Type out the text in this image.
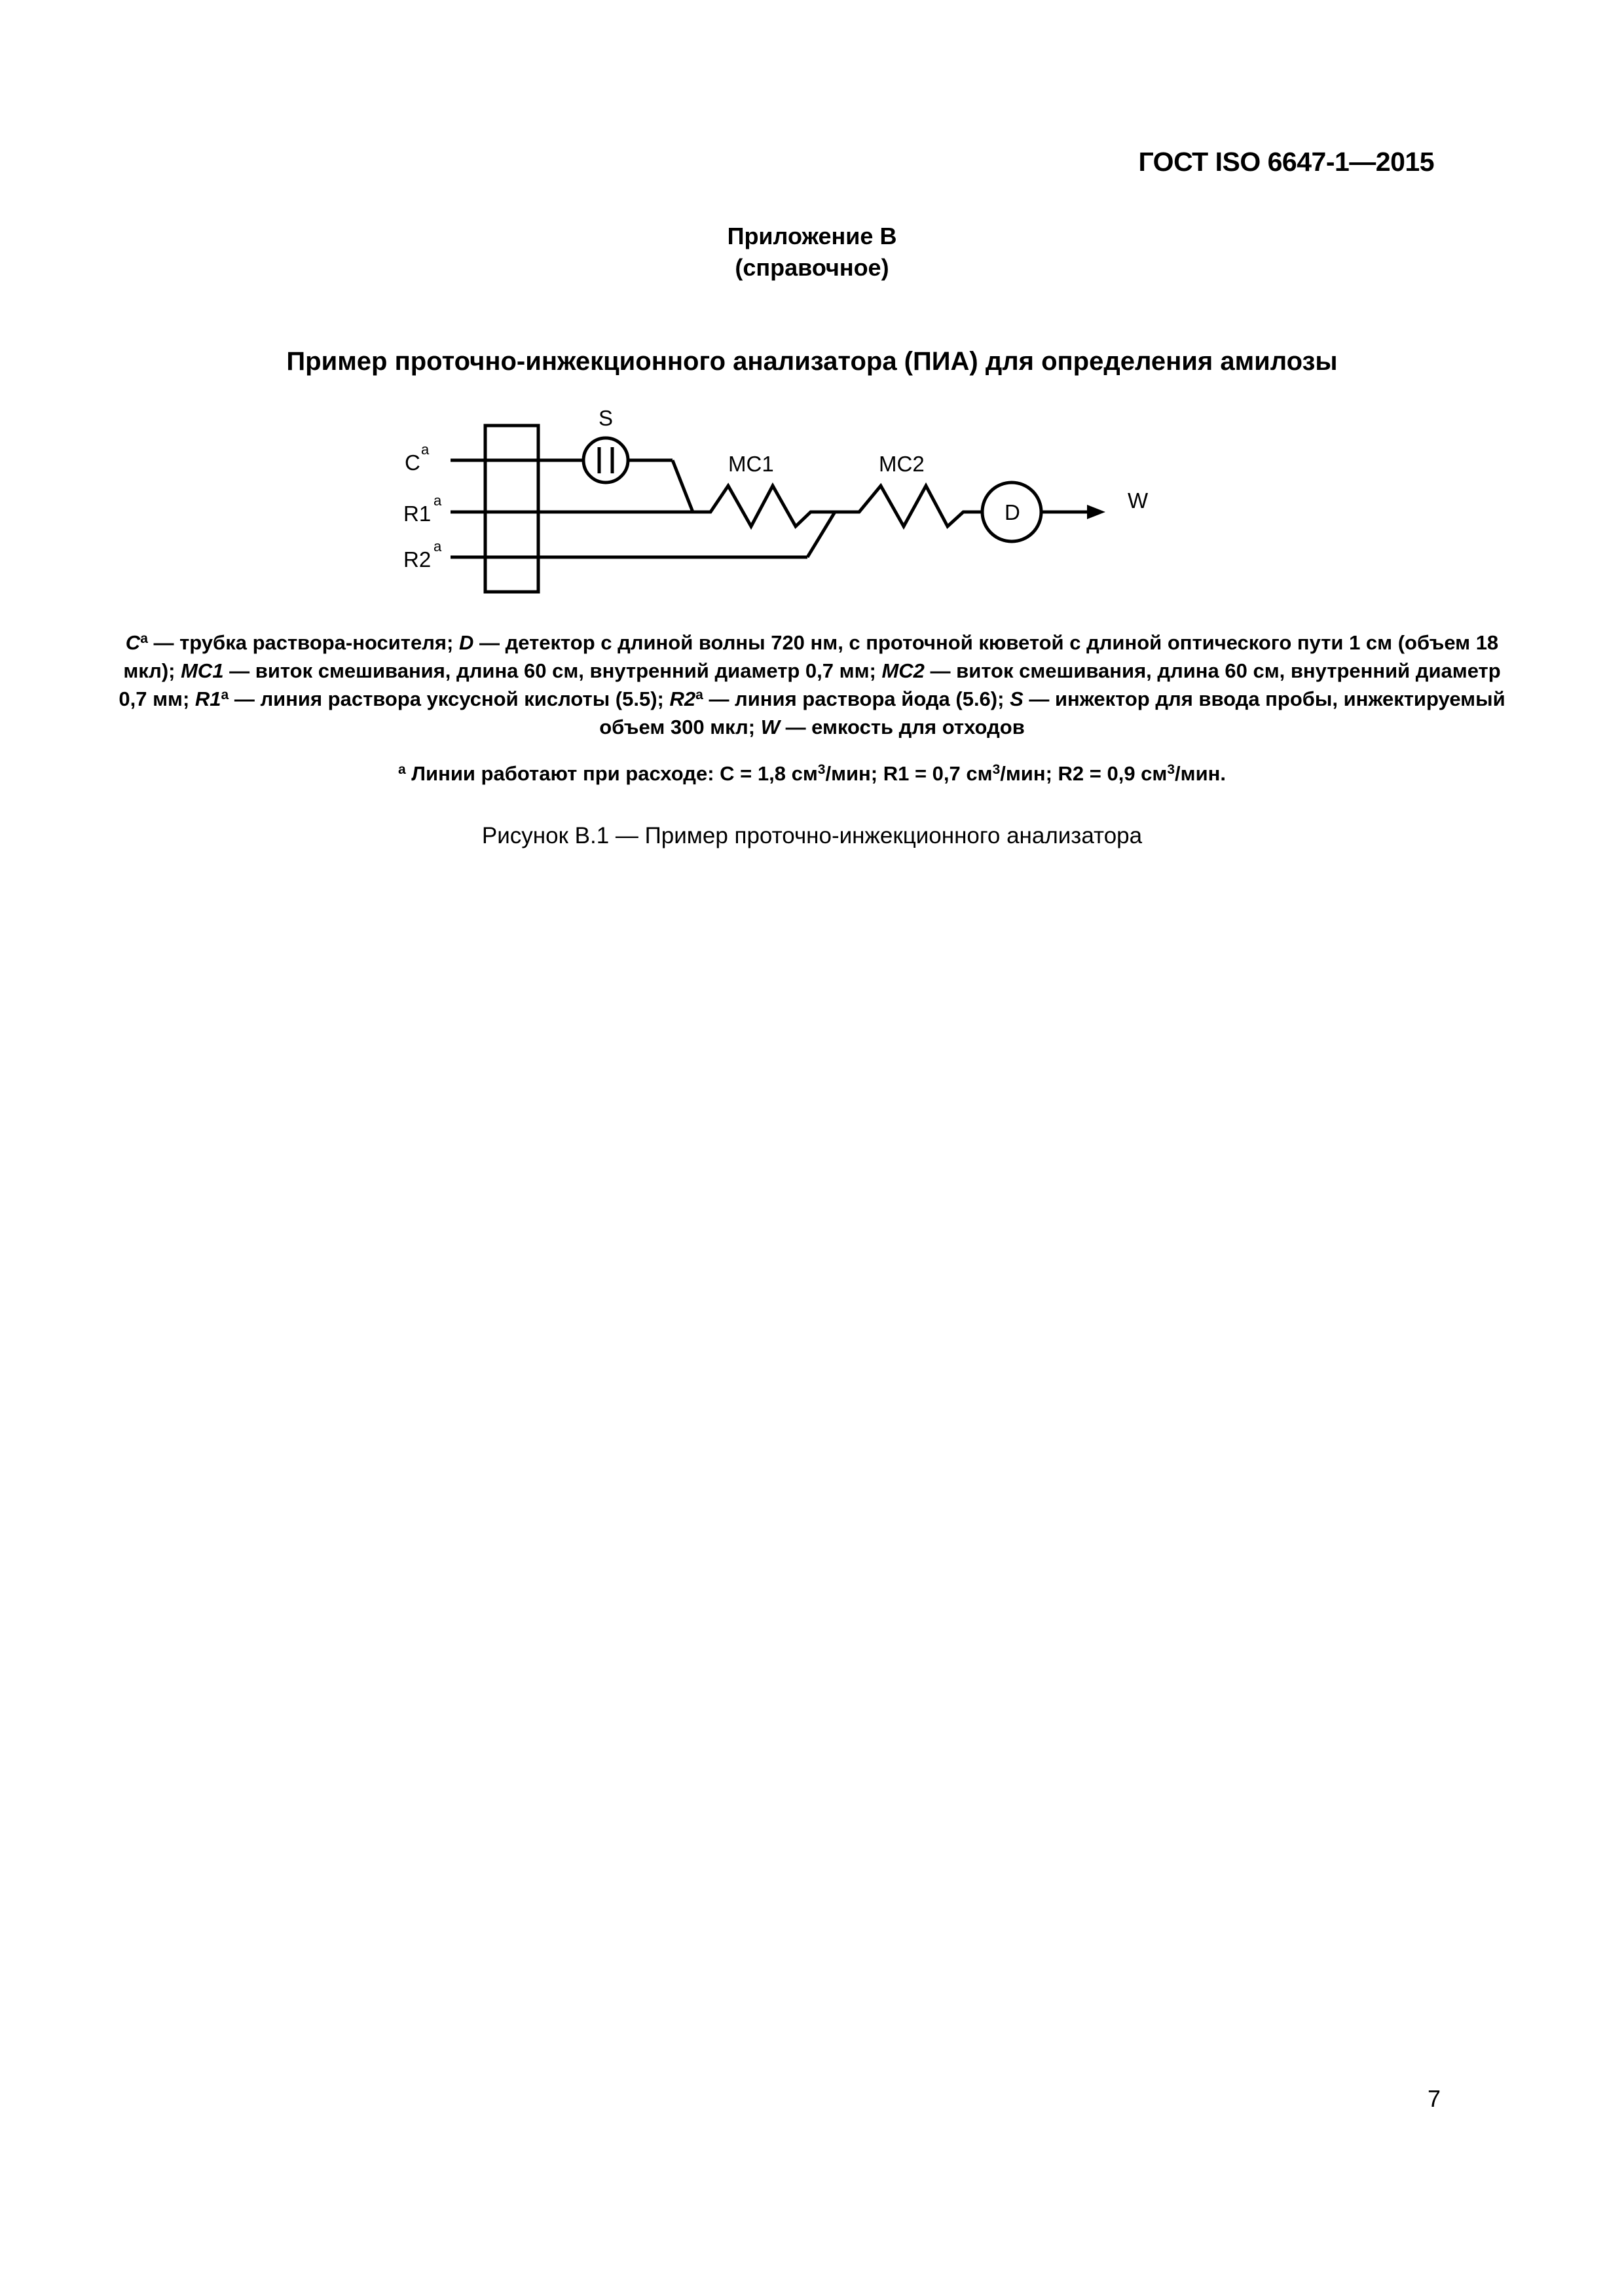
ГОСТ ISO 6647-1—2015
Приложение В
(справочное)
Пример проточно-инжекционного анализатора (ПИА) для определения амилозы
C
a
R1
a
R2
a
S
MC1	MC2
D	W
$C^a$ — трубка раствора-носителя; D — детектор с длиной волны 720 нм, с проточной кюветой с длиной оптического пути 1 см (объем 18 мкл); MC1 — виток смешивания, длина 60 см, внутренний диаметр 0,7 мм; MC2 — виток смешивания, длина 60 см, внутренний диаметр 0,7 мм; R1$^a$ — линия раствора уксусной кислоты (5.5); R2$^a$ — линия раствора йода (5.6); S — инжектор для ввода пробы, инжектируемый объем 300 мкл; W — емкость для отходов
$^a$ Линии работают при расходе: C = 1,8 $см^3$/мин; R1 = 0,7 $см^3$/мин; R2 = 0,9 $см^3$/мин.
Рисунок В.1 — Пример проточно-инжекционного анализатора
7
